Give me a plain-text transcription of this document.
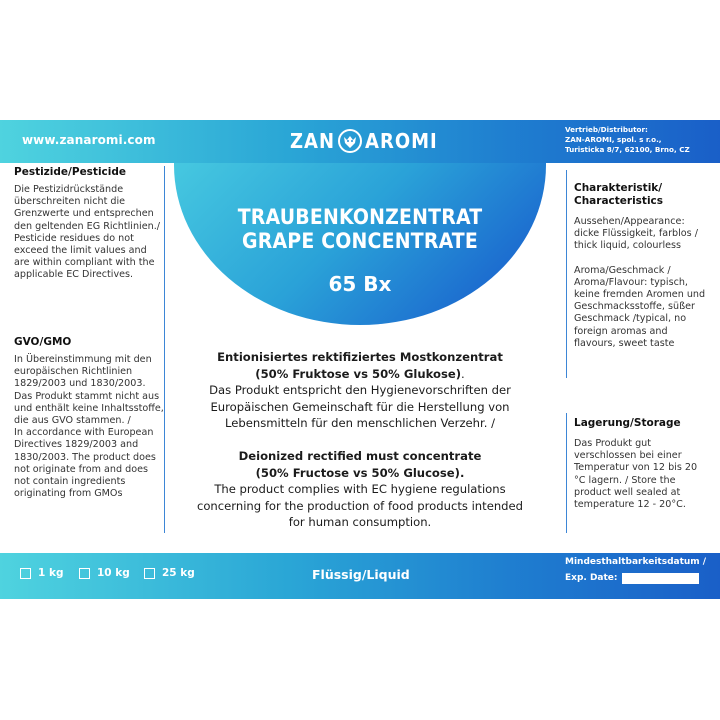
www.zanaromi.com	ZAN AROMI	Vertrieb/Distributor:
ZAN-AROMI, spol. s r.o.,
Turisticka 8/7, 62100, Brno, CZ
Pestizide/Pesticide

Die Pestizidrückstände überschreiten nicht die Grenzwerte und entsprechen den geltenden EG Richtlinien./
Pesticide residues do not exceed the limit values and are within compliant with the applicable EC Directives.

GVO/GMO

In Übereinstimmung mit den europäischen Richtlinien 1829/2003 und 1830/2003. Das Produkt stammt nicht aus und enthält keine Inhaltsstoffe, die aus GVO stammen. /
In accordance with European Directives 1829/2003 and 1830/2003. The product does not originate from and does not contain ingredients originating from GMOs

TRAUBENKONZENTRAT
GRAPE CONCENTRATE
65 Bx
Entionisiertes rektifiziertes Mostkonzentrat
(50% Fruktose vs 50% Glukose).
Das Produkt entspricht den Hygienevorschriften der Europäischen Gemeinschaft für die Herstellung von Lebensmitteln für den menschlichen Verzehr. /
Deionized rectified must concentrate
(50% Fructose vs 50% Glucose).
The product complies with EC hygiene regulations concerning for the production of food products intended for human consumption.
Charakteristik/ Characteristics

Aussehen/Appearance: dicke Flüssigkeit, farblos / thick liquid, colourless

Aroma/Geschmack / Aroma/Flavour: typisch, keine fremden Aromen und Geschmacksstoffe, süßer Geschmack /typical, no foreign aromas and flavours, sweet taste

Lagerung/Storage

Das Produkt gut verschlossen bei einer Temperatur von 12 bis 20 °C lagern. / Store the product well sealed at temperature 12 - 20°C.

1 kg	10 kg	25 kg	Flüssig/Liquid
Mindesthaltbarkeitsdatum /
Exp. Date:
